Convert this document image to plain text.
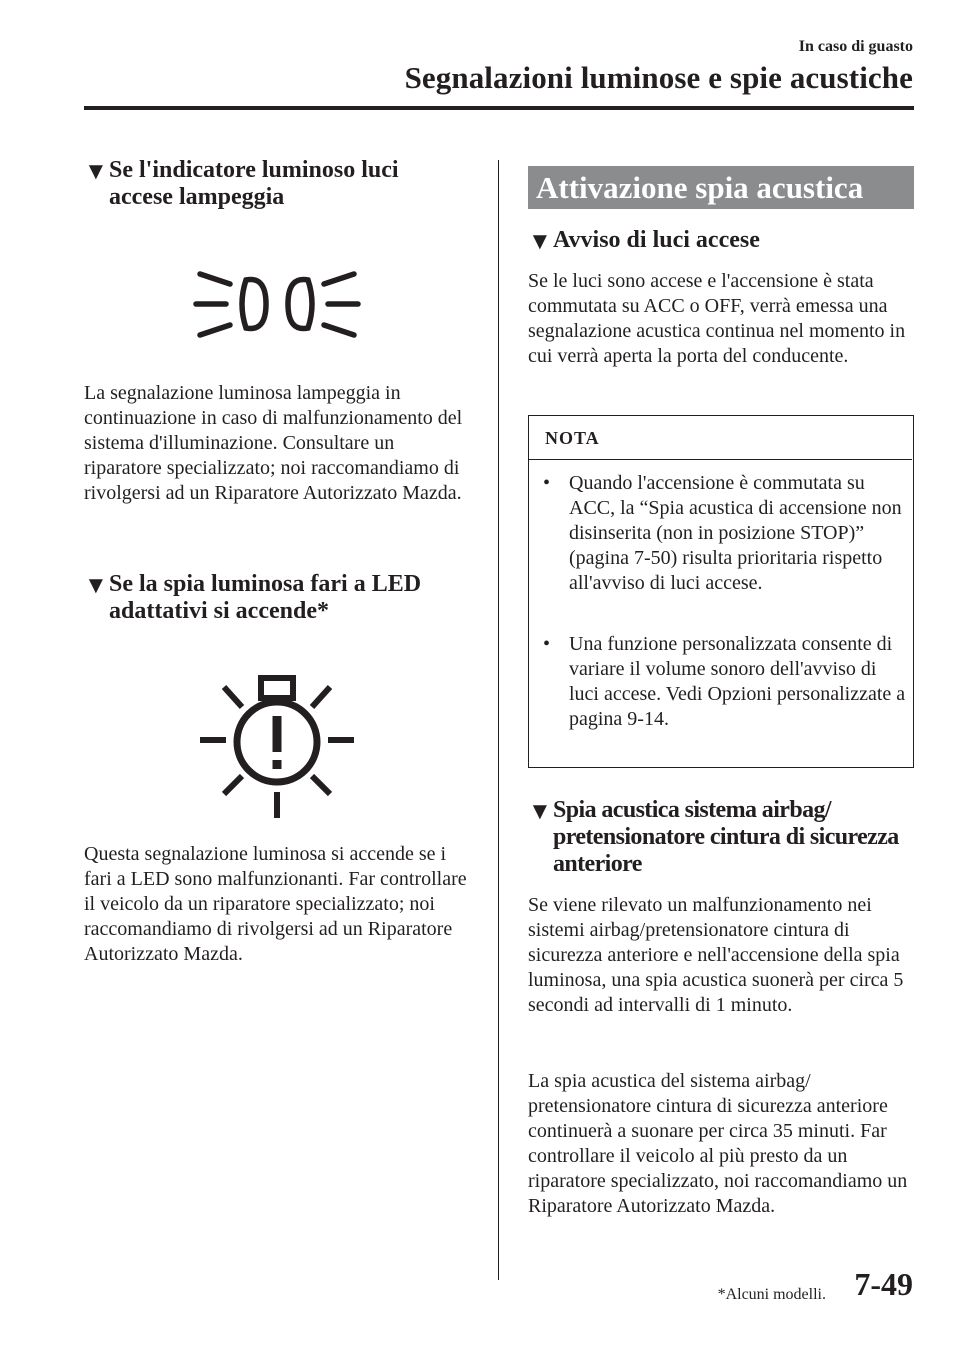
In caso di guasto
Segnalazioni luminose e spie acustiche
▼ Se l'indicatore luminoso luci accese lampeggia
La segnalazione luminosa lampeggia in continuazione in caso di malfunzionamento del sistema d'illuminazione. Consultare un riparatore specializzato; noi raccomandiamo di rivolgersi ad un Riparatore Autorizzato Mazda.
▼ Se la spia luminosa fari a LED adattativi si accende*
Questa segnalazione luminosa si accende se i fari a LED sono malfunzionanti. Far controllare il veicolo da un riparatore specializzato; noi raccomandiamo di rivolgersi ad un Riparatore Autorizzato Mazda.
Attivazione spia acustica
▼ Avviso di luci accese
Se le luci sono accese e l'accensione è stata commutata su ACC o OFF, verrà emessa una segnalazione acustica continua nel momento in cui verrà aperta la porta del conducente.
NOTA
• Quando l'accensione è commutata su ACC, la “Spia acustica di accensione non disinserita (non in posizione STOP)” (pagina 7-50) risulta prioritaria rispetto all'avviso di luci accese.
• Una funzione personalizzata consente di variare il volume sonoro dell'avviso di luci accese. Vedi Opzioni personalizzate a pagina 9-14.
▼ Spia acustica sistema airbag/ pretensionatore cintura di sicurezza anteriore
Se viene rilevato un malfunzionamento nei sistemi airbag/pretensionatore cintura di sicurezza anteriore e nell'accensione della spia luminosa, una spia acustica suonerà per circa 5 secondi ad intervalli di 1 minuto.
La spia acustica del sistema airbag/ pretensionatore cintura di sicurezza anteriore continuerà a suonare per circa 35 minuti. Far controllare il veicolo al più presto da un riparatore specializzato, noi raccomandiamo un Riparatore Autorizzato Mazda.
*Alcuni modelli. 7-49
